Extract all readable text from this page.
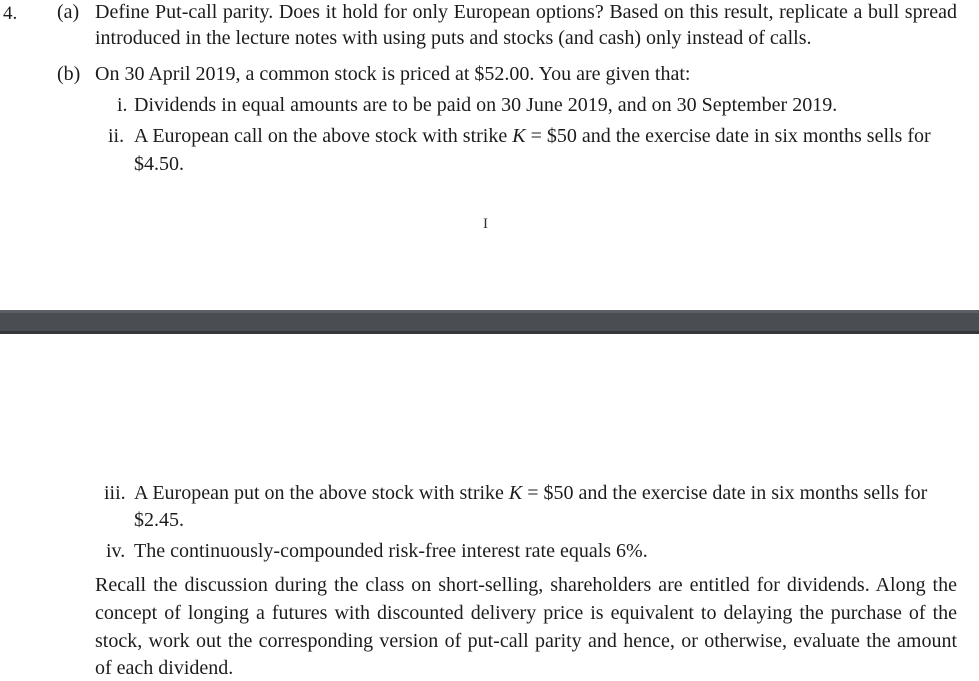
4. (a) Define Put-call parity. Does it hold for only European options? Based on this result, replicate a bull spread
introduced in the lecture notes with using puts and stocks (and cash) only instead of calls.
(b) On 30 April 2019, a common stock is priced at $52.00. You are given that:
i. Dividends in equal amounts are to be paid on 30 June 2019, and on 30 September 2019.
ii. A European call on the above stock with strike K = $50 and the exercise date in six months sells for
$4.50.
I
iii. A European put on the above stock with strike K = $50 and the exercise date in six months sells for
$2.45.
iv. The continuously-compounded risk-free interest rate equals 6%.
Recall the discussion during the class on short-selling, shareholders are entitled for dividends. Along the
concept of longing a futures with discounted delivery price is equivalent to delaying the purchase of the
stock, work out the corresponding version of put-call parity and hence, or otherwise, evaluate the amount
of each dividend.
